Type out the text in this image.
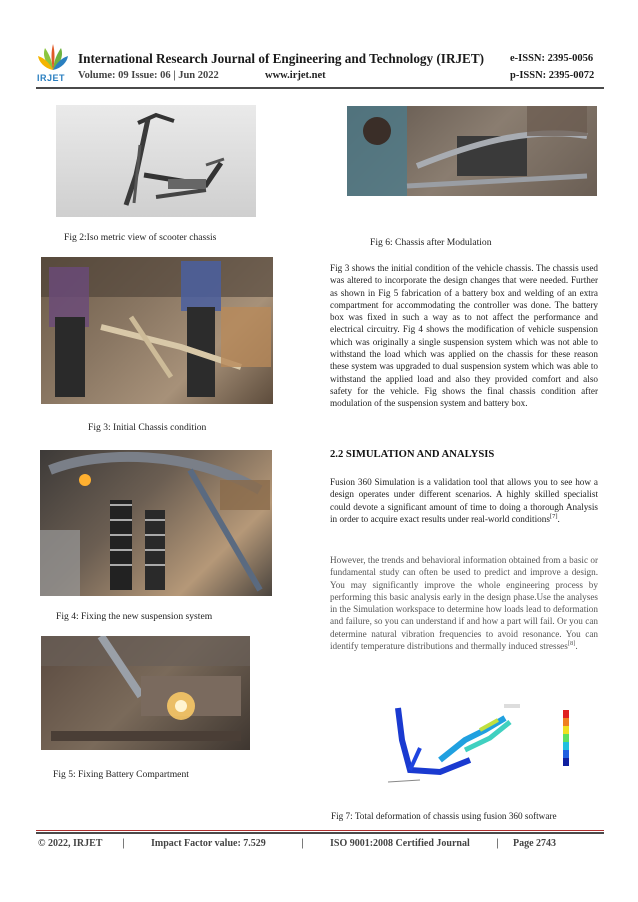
IRJET
International Research Journal of Engineering and Technology (IRJET) e-ISSN: 2395-0056
Volume: 09 Issue: 06 | Jun 2022	www.irjet.net	p-ISSN: 2395-0072
Fig 2:Iso metric view of scooter chassis
Fig 3: Initial Chassis condition
Fig 4: Fixing the new suspension system
Fig 5: Fixing Battery Compartment
Fig 6: Chassis after Modulation
Fig 3 shows the initial condition of the vehicle chassis. The chassis used was altered to incorporate the design changes that were needed. Further as shown in Fig 5 fabrication of a battery box and welding of an extra compartment for accommodating the controller was done. The battery box was fixed in such a way as to not affect the performance and electrical circuitry. Fig 4 shows the modification of vehicle suspension which was originally a single suspension system which was not able to withstand the load which was applied on the chassis for these reason these system was upgraded to dual suspension system which was able to withstand the applied load and also they provided comfort and also safety for the vehicle. Fig shows the final chassis condition after modulation of the suspension system and battery box.
2.2 SIMULATION AND ANALYSIS
Fusion 360 Simulation is a validation tool that allows you to see how a design operates under different scenarios. A highly skilled specialist could devote a significant amount of time to doing a thorough Analysis in order to acquire exact results under real-world conditions[7].
However, the trends and behavioral information obtained from a basic or fundamental study can often be used to predict and improve a design. You may significantly improve the whole engineering process by performing this basic analysis early in the design phase.Use the analyses in the Simulation workspace to determine how loads lead to deformation and failure, so you can understand if and how a part will fail. Or you can determine natural vibration frequencies to avoid resonance. You can identify temperature distributions and thermally induced stresses[8].
Fig 7: Total deformation of chassis using fusion 360 software
© 2022, IRJET |	Impact Factor value: 7.529	|	ISO 9001:2008 Certified Journal	| Page 2743
